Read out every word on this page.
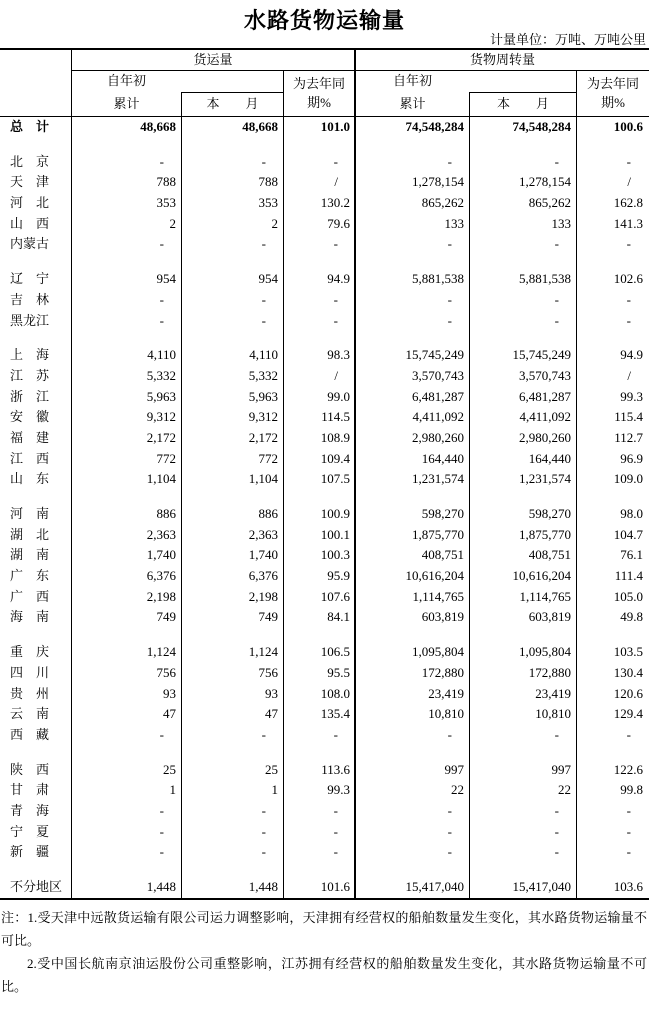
水路货物运输量
计量单位：万吨、万吨公里
货运量	货物周转量
自年初
累计	本　　月
为去年同期%
自年初
累计	本　　月
为去年同期%
总　计	48,668	48,668	101.0	74,548,284	74,548,284	100.6
北　京	-	-	-	-	-	-
天　津	788	788	/	1,278,154	1,278,154	/
河　北	353	353	130.2	865,262	865,262	162.8
山　西	2	2	79.6	133	133	141.3
内蒙古	-	-	-	-	-	-
辽　宁	954	954	94.9	5,881,538	5,881,538	102.6
吉　林	-	-	-	-	-	-
黑龙江	-	-	-	-	-	-
上　海	4,110	4,110	98.3	15,745,249	15,745,249	94.9
江　苏	5,332	5,332	/	3,570,743	3,570,743	/
浙　江	5,963	5,963	99.0	6,481,287	6,481,287	99.3
安　徽	9,312	9,312	114.5	4,411,092	4,411,092	115.4
福　建	2,172	2,172	108.9	2,980,260	2,980,260	112.7
江　西	772	772	109.4	164,440	164,440	96.9
山　东	1,104	1,104	107.5	1,231,574	1,231,574	109.0
河　南	886	886	100.9	598,270	598,270	98.0
湖　北	2,363	2,363	100.1	1,875,770	1,875,770	104.7
湖　南	1,740	1,740	100.3	408,751	408,751	76.1
广　东	6,376	6,376	95.9	10,616,204	10,616,204	111.4
广　西	2,198	2,198	107.6	1,114,765	1,114,765	105.0
海　南	749	749	84.1	603,819	603,819	49.8
重　庆	1,124	1,124	106.5	1,095,804	1,095,804	103.5
四　川	756	756	95.5	172,880	172,880	130.4
贵　州	93	93	108.0	23,419	23,419	120.6
云　南	47	47	135.4	10,810	10,810	129.4
西　藏	-	-	-	-	-	-
陕　西	25	25	113.6	997	997	122.6
甘　肃	1	1	99.3	22	22	99.8
青　海	-	-	-	-	-	-
宁　夏	-	-	-	-	-	-
新　疆	-	-	-	-	-	-
不分地区	1,448	1,448	101.6	15,417,040	15,417,040	103.6

注：1.受天津中远散货运输有限公司运力调整影响，天津拥有经营权的船舶数量发生变化，其水路货物运输量不可比。

2.受中国长航南京油运股份公司重整影响，江苏拥有经营权的船舶数量发生变化，其水路货物运输量不可比。
